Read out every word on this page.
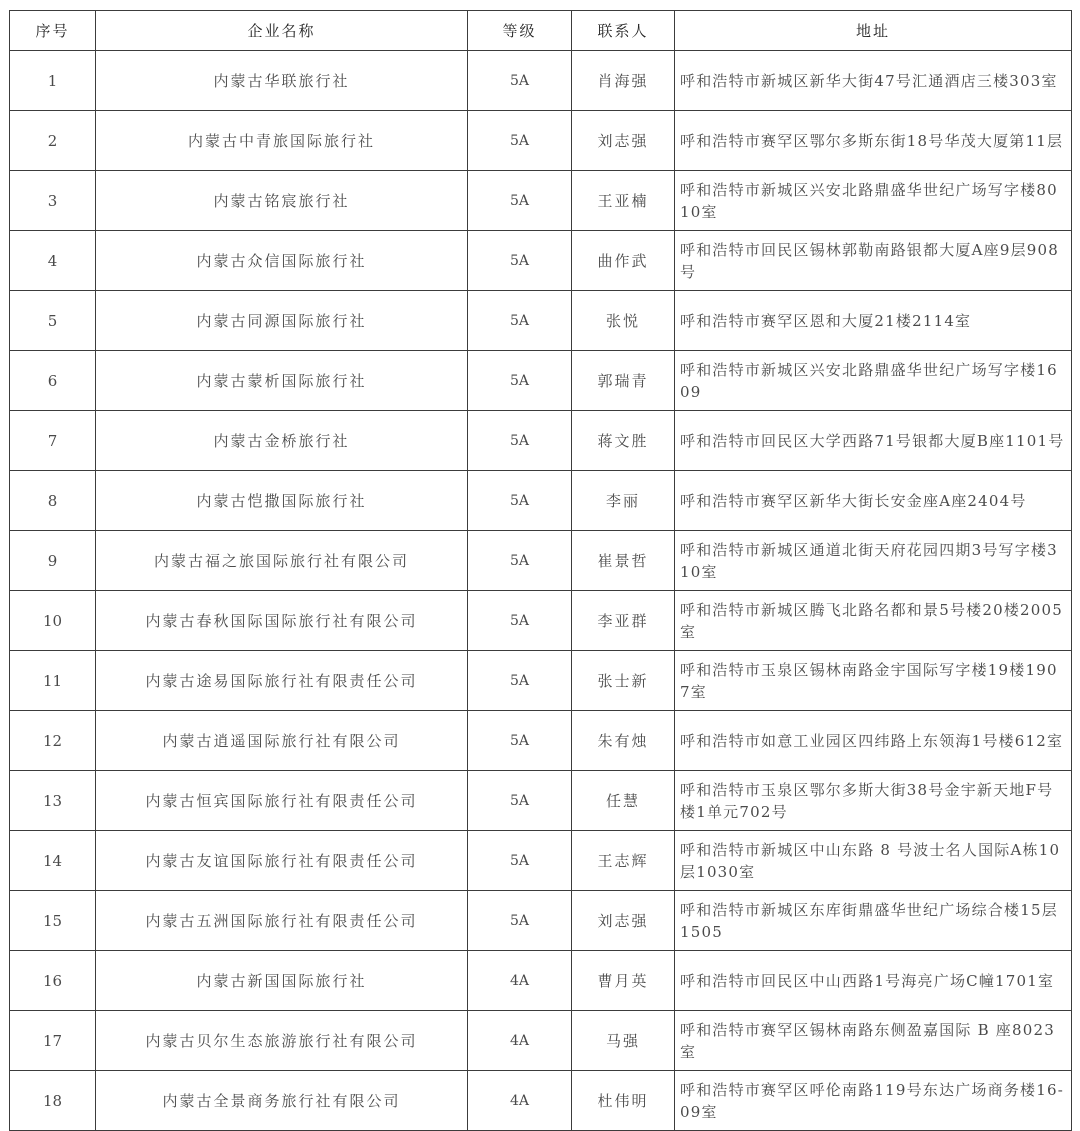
序号	企业名称	等级	联系人	地址
1	内蒙古华联旅行社	5A	肖海强	呼和浩特市新城区新华大街47号汇通酒店三楼303室
2	内蒙古中青旅国际旅行社	5A	刘志强	呼和浩特市赛罕区鄂尔多斯东街18号华茂大厦第11层
3	内蒙古铭宸旅行社	5A	王亚楠	呼和浩特市新城区兴安北路鼎盛华世纪广场写字楼8010室
4	内蒙古众信国际旅行社	5A	曲作武	呼和浩特市回民区锡林郭勒南路银都大厦A座9层908号
5	内蒙古同源国际旅行社	5A	张悦	呼和浩特市赛罕区恩和大厦21楼2114室
6	内蒙古蒙析国际旅行社	5A	郭瑞青	呼和浩特市新城区兴安北路鼎盛华世纪广场写字楼1609
7	内蒙古金桥旅行社	5A	蒋文胜	呼和浩特市回民区大学西路71号银都大厦B座1101号
8	内蒙古恺撒国际旅行社	5A	李丽	呼和浩特市赛罕区新华大街长安金座A座2404号
9	内蒙古福之旅国际旅行社有限公司	5A	崔景哲	呼和浩特市新城区通道北街天府花园四期3号写字楼310室
10	内蒙古春秋国际国际旅行社有限公司	5A	李亚群	呼和浩特市新城区腾飞北路名都和景5号楼20楼2005室
11	内蒙古途易国际旅行社有限责任公司	5A	张士新	呼和浩特市玉泉区锡林南路金宇国际写字楼19楼1907室
12	内蒙古逍遥国际旅行社有限公司	5A	朱有烛	呼和浩特市如意工业园区四纬路上东领海1号楼612室
13	内蒙古恒宾国际旅行社有限责任公司	5A	任慧	呼和浩特市玉泉区鄂尔多斯大街38号金宇新天地F号楼1单元702号
14	内蒙古友谊国际旅行社有限责任公司	5A	王志辉	呼和浩特市新城区中山东路 8 号波士名人国际A栋10层1030室
15	内蒙古五洲国际旅行社有限责任公司	5A	刘志强	呼和浩特市新城区东库街鼎盛华世纪广场综合楼15层1505
16	内蒙古新国国际旅行社	4A	曹月英	呼和浩特市回民区中山西路1号海亮广场C幢1701室
17	内蒙古贝尔生态旅游旅行社有限公司	4A	马强	呼和浩特市赛罕区锡林南路东侧盈嘉国际 B 座8023室
18	内蒙古全景商务旅行社有限公司	4A	杜伟明	呼和浩特市赛罕区呼伦南路119号东达广场商务楼16-09室
